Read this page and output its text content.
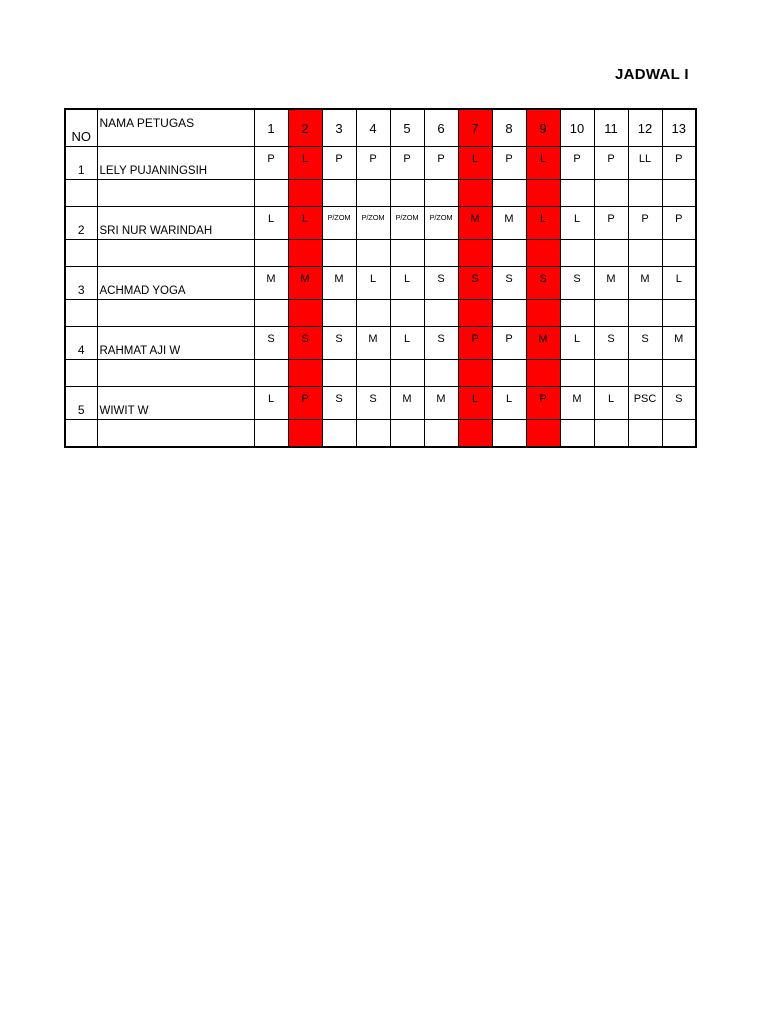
JADWAL I
NO	NAMA PETUGAS	1	2	3	4	5	6	7	8	9	10	11	12	13
1	LELY PUJANINGSIH	P	L	P	P	P	P	L	P	L	P	P	LL	P

2	SRI NUR WARINDAH	L	L	P/ZOM	P/ZOM	P/ZOM	P/ZOM	M	M	L	L	P	P	P

3	ACHMAD YOGA	M	M	M	L	L	S	S	S	S	S	M	M	L

4	RAHMAT AJI W	S	S	S	M	L	S	P	P	M	L	S	S	M

5	WIWIT W	L	P	S	S	M	M	L	L	P	M	L	PSC	S
